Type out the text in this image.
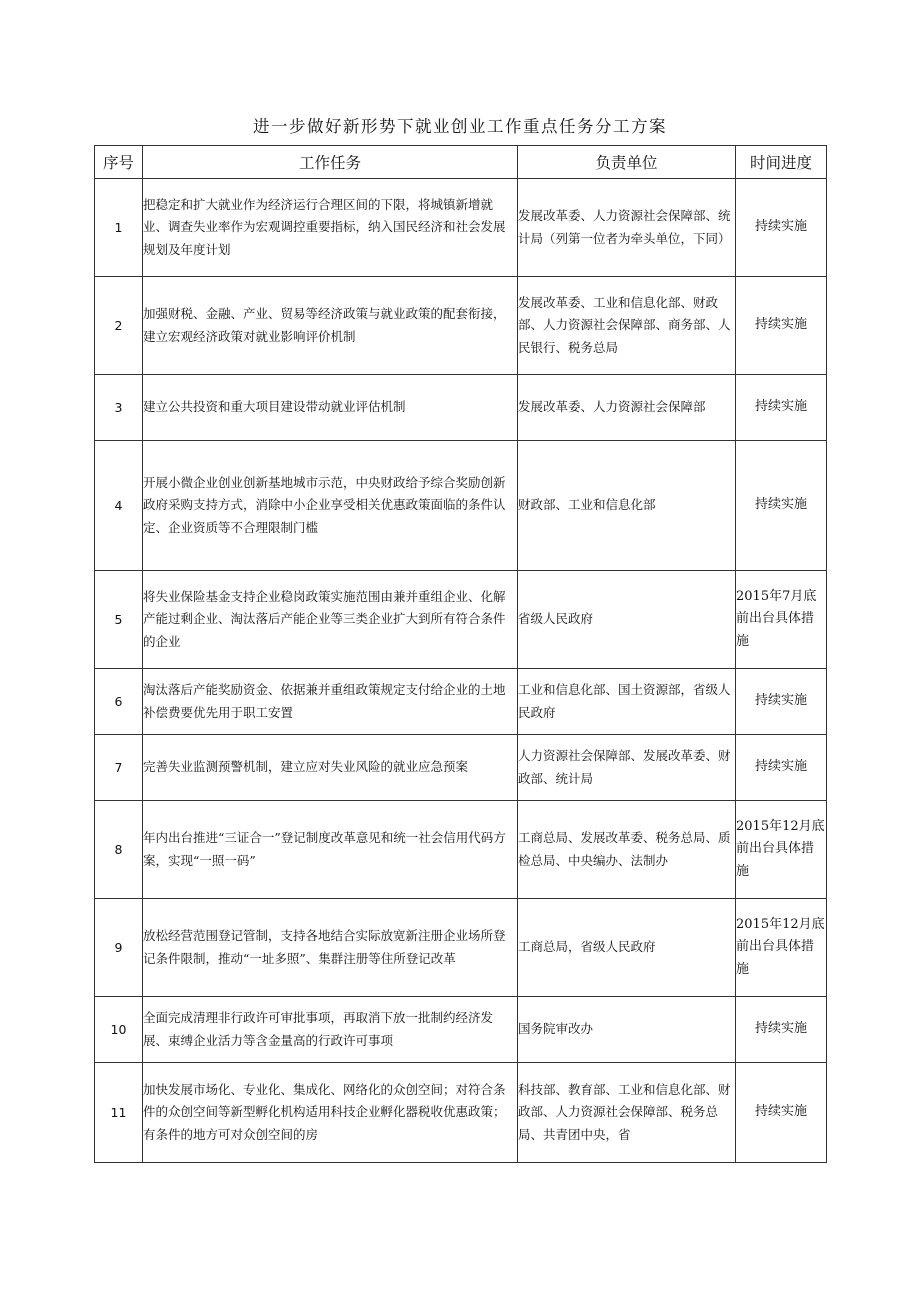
进一步做好新形势下就业创业工作重点任务分工方案
序号	工作任务	负责单位	时间进度
1	把稳定和扩大就业作为经济运行合理区间的下限，将城镇新增就业、调查失业率作为宏观调控重要指标，纳入国民经济和社会发展规划及年度计划	发展改革委、人力资源社会保障部、统计局（列第一位者为牵头单位，下同）	持续实施
2	加强财税、金融、产业、贸易等经济政策与就业政策的配套衔接，建立宏观经济政策对就业影响评价机制	发展改革委、工业和信息化部、财政部、人力资源社会保障部、商务部、人民银行、税务总局	持续实施
3	建立公共投资和重大项目建设带动就业评估机制	发展改革委、人力资源社会保障部	持续实施
4	开展小微企业创业创新基地城市示范，中央财政给予综合奖励创新政府采购支持方式，消除中小企业享受相关优惠政策面临的条件认定、企业资质等不合理限制门槛	财政部、工业和信息化部	持续实施
5	将失业保险基金支持企业稳岗政策实施范围由兼并重组企业、化解产能过剩企业、淘汰落后产能企业等三类企业扩大到所有符合条件的企业	省级人民政府	2015年7月底前出台具体措施
6	淘汰落后产能奖励资金、依据兼并重组政策规定支付给企业的土地补偿费要优先用于职工安置	工业和信息化部、国土资源部，省级人民政府	持续实施
7	完善失业监测预警机制，建立应对失业风险的就业应急预案	人力资源社会保障部、发展改革委、财政部、统计局	持续实施
8	年内出台推进“三证合一”登记制度改革意见和统一社会信用代码方案，实现“一照一码”	工商总局、发展改革委、税务总局、质检总局、中央编办、法制办	2015年12月底前出台具体措施
9	放松经营范围登记管制，支持各地结合实际放宽新注册企业场所登记条件限制，推动“一址多照”、集群注册等住所登记改革	工商总局，省级人民政府	2015年12月底前出台具体措施
10	全面完成清理非行政许可审批事项，再取消下放一批制约经济发展、束缚企业活力等含金量高的行政许可事项	国务院审改办	持续实施
11	加快发展市场化、专业化、集成化、网络化的众创空间；对符合条件的众创空间等新型孵化机构适用科技企业孵化器税收优惠政策；有条件的地方可对众创空间的房	科技部、教育部、工业和信息化部、财政部、人力资源社会保障部、税务总局、共青团中央，省	持续实施
